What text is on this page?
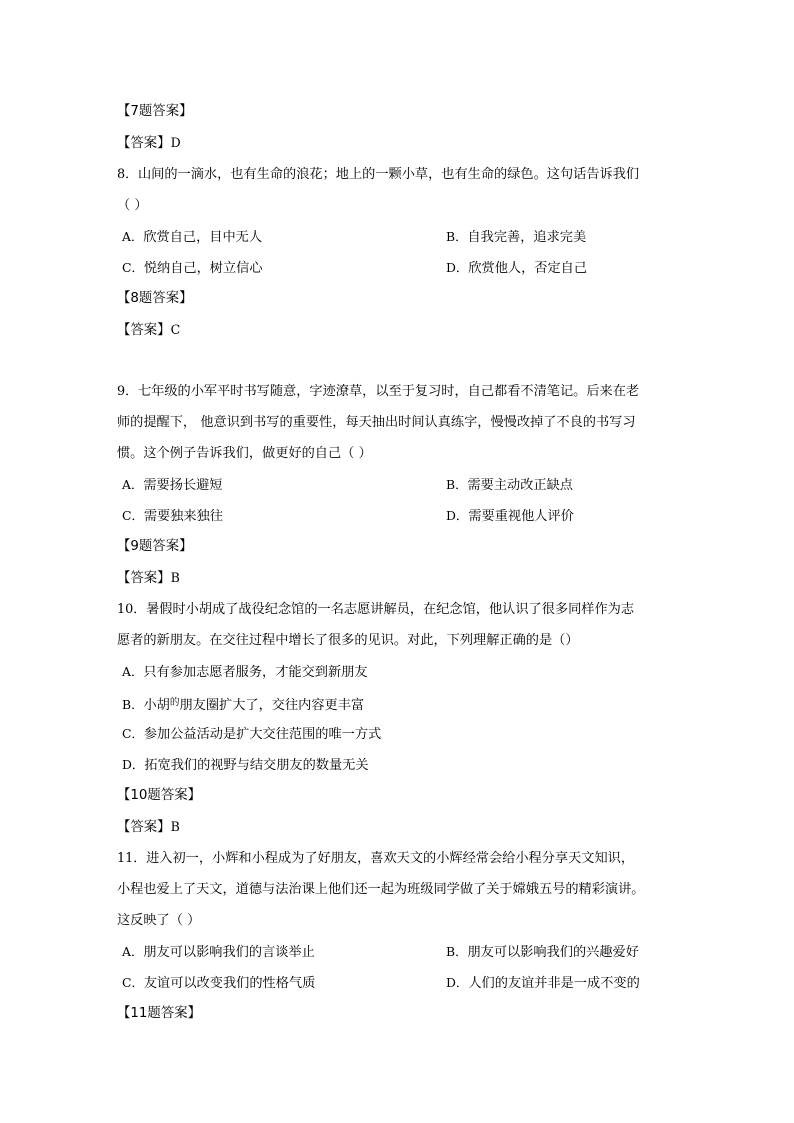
【7题答案】
【答案】D
8．山间的一滴水，也有生命的浪花；地上的一颗小草，也有生命的绿色。这句话告诉我们
（ ）
A．欣赏自己，目中无人	B．自我完善，追求完美
C．悦纳自己，树立信心	D．欣赏他人，否定自己
【8题答案】
【答案】C
9．七年级的小军平时书写随意，字迹潦草，以至于复习时，自己都看不清笔记。后来在老
师的提醒下， 他意识到书写的重要性，每天抽出时间认真练字，慢慢改掉了不良的书写习
惯。这个例子告诉我们，做更好的自己（ ）
A．需要扬长避短	B．需要主动改正缺点
C．需要独来独往	D．需要重视他人评价
【9题答案】
【答案】B
10．暑假时小胡成了战役纪念馆的一名志愿讲解员，在纪念馆，他认识了很多同样作为志
愿者的新朋友。在交往过程中增长了很多的见识。对此，下列理解正确的是（）
A．只有参加志愿者服务，才能交到新朋友
B．小胡$^的$朋友圈扩大了，交往内容更丰富
C．参加公益活动是扩大交往范围的唯一方式
D．拓宽我们的视野与结交朋友的数量无关
【10题答案】
【答案】B
11．进入初一，小辉和小程成为了好朋友，喜欢天文的小辉经常会给小程分享天文知识，
小程也爱上了天文，道德与法治课上他们还一起为班级同学做了关于嫦娥五号的精彩演讲。
这反映了（ ）
A．朋友可以影响我们的言谈举止	B．朋友可以影响我们的兴趣爱好
C．友谊可以改变我们的性格气质	D．人们的友谊并非是一成不变的
【11题答案】
